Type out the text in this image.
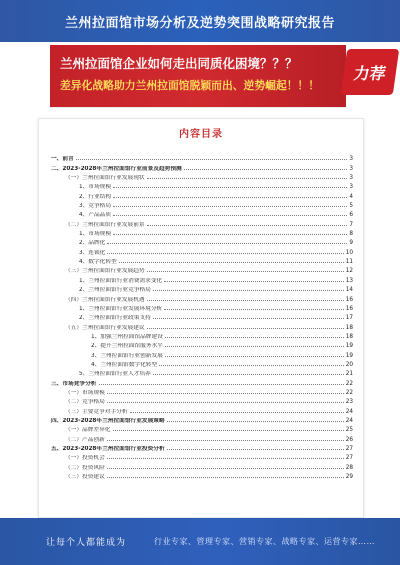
兰州拉面馆市场分析及逆势突围战略研究报告
兰州拉面馆企业如何走出同质化困境？？？
差异化战略助力兰州拉面馆脱颖而出、逆势崛起！！！
力荐
内容目录
一、前言	3
二、2023-2028年兰州拉面馆行业前景及趋势预测	3
（一）兰州拉面馆行业发展现状	3
1、市场规模	3
2、行业结构	4
3、竞争格局	5
4、产品品质	6
（二）兰州拉面馆行业发展前景	7
1、市场规模	8
2、品牌化	9
3、连锁化	10
4、数字化转型	11
（三）兰州拉面馆行业发展趋势	12
1、兰州拉面馆行业消费需求变化	13
2、兰州拉面馆行业竞争格局	14
（四）兰州拉面馆行业发展机遇	16
1、兰州拉面馆行业发展环境分析	16
2、兰州拉面馆行业政策支持	17
（五）兰州拉面馆行业发展建议	18
1、加强兰州拉面馆品牌建设	18
2、提升兰州拉面馆服务水平	19
3、兰州拉面馆行业创新发展	19
4、兰州拉面馆数字化转型	20
5、兰州拉面馆行业人才培养	21
三、市场竞争分析	22
（一）市场规模	22
（二）竞争格局	23
（三）主要竞争对手分析	24
四、2023-2028年兰州拉面馆行业发展策略	24
（一）品牌差异化	25
（二）产品创新	26
五、2023-2028年兰州拉面馆行业投资分析	27
（一）投资机会	27
（二）投资风险	28
（三）投资建议	29
让每个人都能成为	行业专家、管理专家、营销专家、战略专家、运营专家……
